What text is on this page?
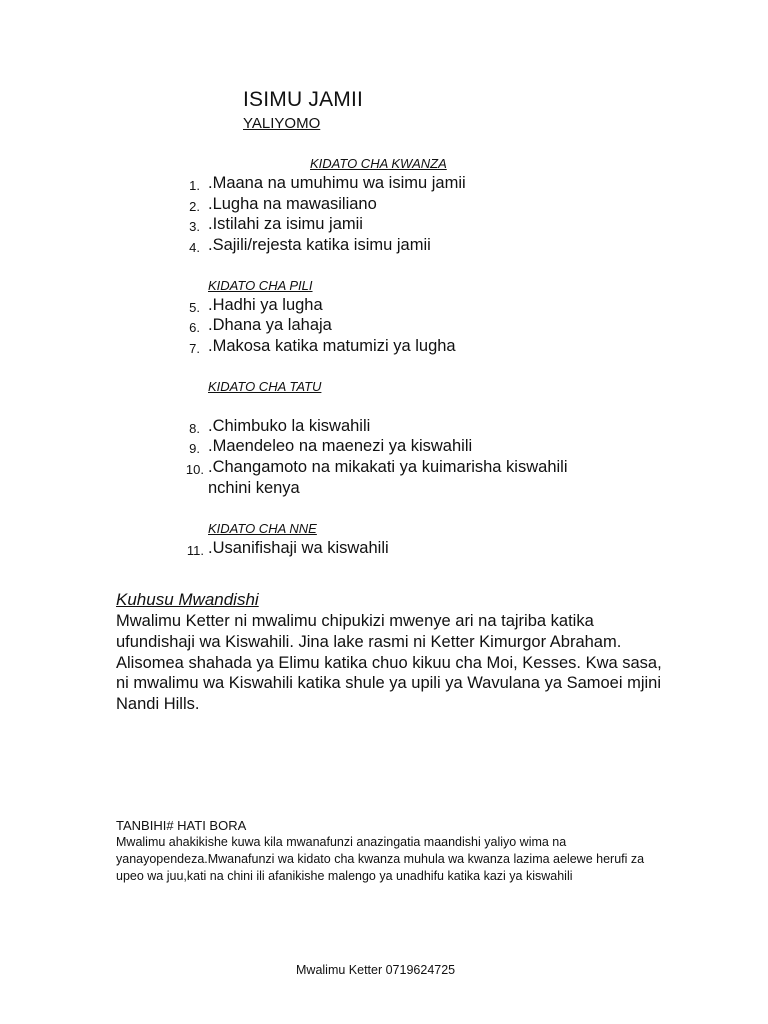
ISIMU JAMII
YALIYOMO
KIDATO CHA KWANZA
1. .Maana na umuhimu wa isimu jamii
2. .Lugha na mawasiliano
3. .Istilahi za isimu jamii
4. .Sajili/rejesta katika isimu jamii
KIDATO CHA PILI
5. .Hadhi ya lugha
6. .Dhana ya lahaja
7. .Makosa katika matumizi ya lugha
KIDATO CHA TATU
8. .Chimbuko la kiswahili
9. .Maendeleo na maenezi ya kiswahili
10. .Changamoto na mikakati ya kuimarisha kiswahili
nchini kenya
KIDATO CHA NNE
11. .Usanifishaji wa kiswahili
Kuhusu Mwandishi
Mwalimu Ketter ni mwalimu chipukizi mwenye ari na tajriba katika ufundishaji wa Kiswahili. Jina lake rasmi ni Ketter Kimurgor Abraham. Alisomea shahada ya Elimu katika chuo kikuu cha Moi, Kesses. Kwa sasa, ni mwalimu wa Kiswahili katika shule ya upili ya Wavulana ya Samoei mjini Nandi Hills.
TANBIHI# HATI BORA
Mwalimu ahakikishe kuwa kila mwanafunzi anazingatia maandishi yaliyo wima na yanayopendeza.Mwanafunzi wa kidato cha kwanza muhula wa kwanza lazima aelewe herufi za upeo wa juu,kati na chini ili afanikishe malengo ya unadhifu katika kazi ya kiswahili
Mwalimu Ketter 0719624725
